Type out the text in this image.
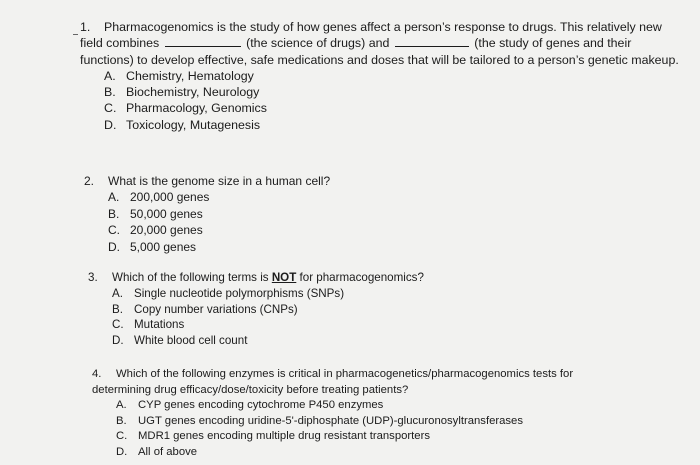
1. Pharmacogenomics is the study of how genes affect a person’s response to drugs. This relatively new field combines	(the science of drugs) and	(the study of genes and their functions) to develop effective, safe medications and doses that will be tailored to a person’s genetic makeup.

A. Chemistry, Hematology
B. Biochemistry, Neurology
C. Pharmacology, Genomics
D. Toxicology, Mutagenesis

2. What is the genome size in a human cell?

A. 200,000 genes
B. 50,000 genes
C. 20,000 genes
D. 5,000 genes

3. Which of the following terms is NOT for pharmacogenomics?

A. Single nucleotide polymorphisms (SNPs)
B. Copy number variations (CNPs)
C. Mutations
D. White blood cell count

4. Which of the following enzymes is critical in pharmacogenetics/pharmacogenomics tests for
determining drug efficacy/dose/toxicity before treating patients?

A.	CYP genes encoding cytochrome P450 enzymes
B.	UGT genes encoding uridine-5'-diphosphate (UDP)-glucuronosyltransferases
C. MDR1 genes encoding multiple drug resistant transporters
D. All of above
